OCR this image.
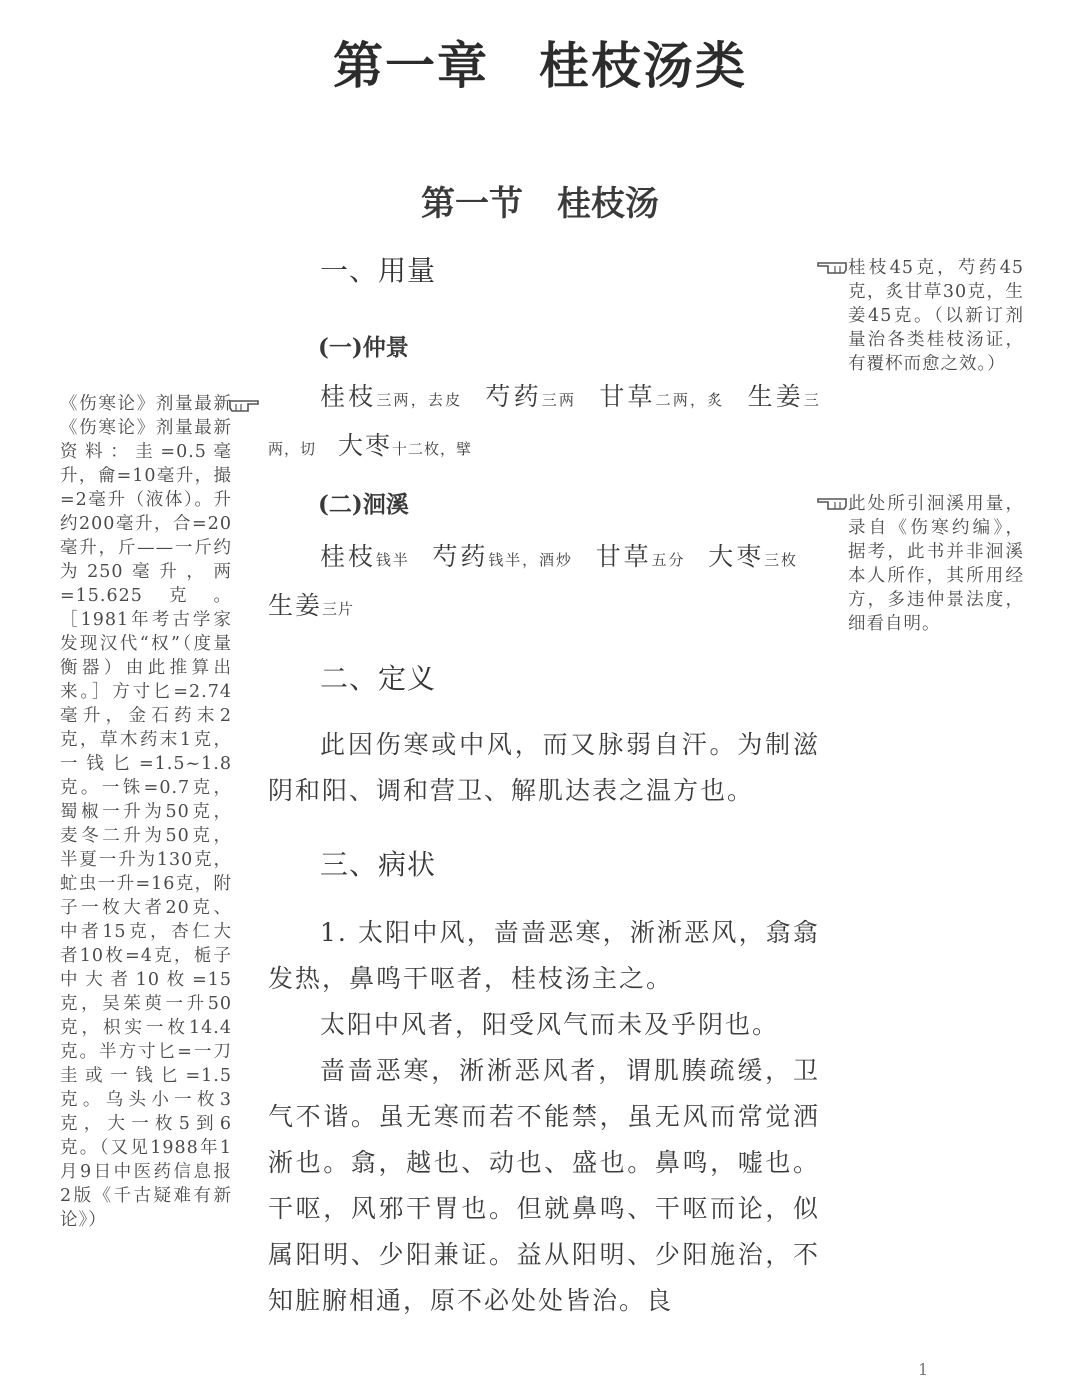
第一章 桂枝汤类
第一节 桂枝汤
一、用量
(一)仲景
桂枝三两，去皮 芍药三两 甘草二两，炙 生姜三两，切 大枣十二枚，擘
(二)洄溪
桂枝钱半 芍药钱半，酒炒 甘草五分 大枣三枚生姜三片
二、定义
此因伤寒或中风，而又脉弱自汗。为制滋阴和阳、调和营卫、解肌达表之温方也。
三、病状
1. 太阳中风，啬啬恶寒，淅淅恶风，翕翕发热，鼻鸣干呕者，桂枝汤主之。
太阳中风者，阳受风气而未及乎阴也。
啬啬恶寒，淅淅恶风者，谓肌腠疏缓，卫气不谐。虽无寒而若不能禁，虽无风而常觉洒淅也。翕，越也、动也、盛也。鼻鸣，嘘也。干呕，风邪干胃也。但就鼻鸣、干呕而论，似属阳明、少阳兼证。益从阳明、少阳施治，不知脏腑相通，原不必处处皆治。良
《伤寒论》剂量最新《伤寒论》剂量最新资料：圭=0.5毫升，龠=10毫升，撮=2毫升（液体）。升约200毫升，合=20毫升，斤——一斤约为250毫升，两=15.625克。［1981年考古学家发现汉代“权”（度量衡器）由此推算出来。］方寸匕=2.74毫升，金石药末2克，草木药末1克，一钱匕=1.5~1.8克。一铢=0.7克，蜀椒一升为50克，麦冬二升为50克，半夏一升为130克，虻虫一升=16克，附子一枚大者20克、中者15克，杏仁大者10枚=4克，栀子中大者10枚=15克，吴茱萸一升50克，枳实一枚14.4克。半方寸匕=一刀圭或一钱匕=1.5克。乌头小一枚3克，大一枚5到6克。（又见1988年1月9日中医药信息报2版《千古疑难有新论》）
桂枝45克，芍药45克，炙甘草30克，生姜45克。（以新订剂量治各类桂枝汤证，有覆杯而愈之效。）
此处所引洄溪用量，录自《伤寒约编》，据考，此书并非洄溪本人所作，其所用经方，多违仲景法度，细看自明。
1
